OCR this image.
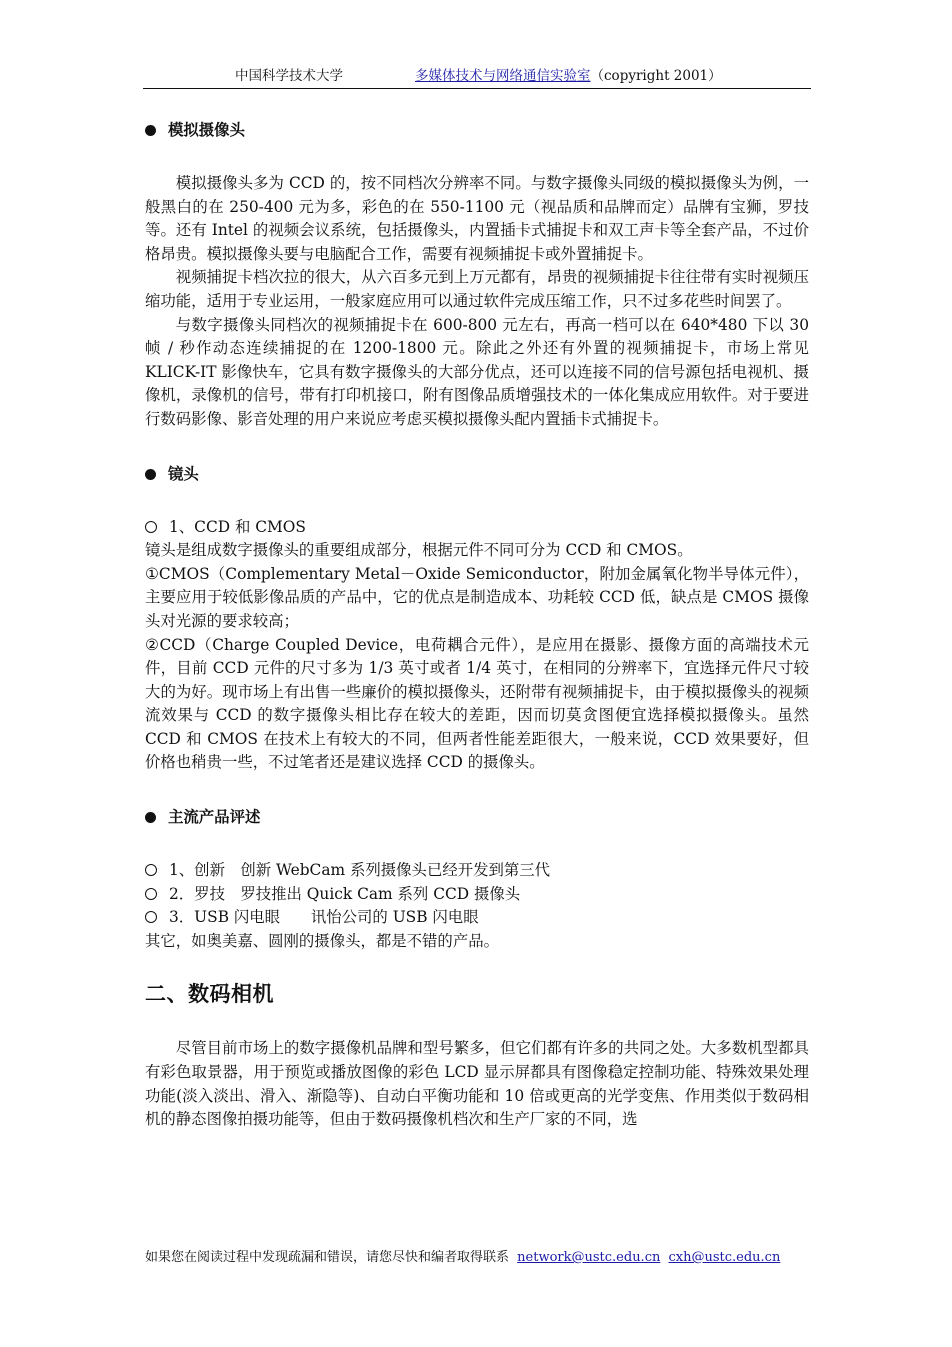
中国科学技术大学	多媒体技术与网络通信实验室（copyright 2001）
模拟摄像头

模拟摄像头多为 CCD 的，按不同档次分辨率不同。与数字摄像头同级的模拟摄像头为例，一般黑白的在 250-400 元为多，彩色的在 550-1100 元（视品质和品牌而定）品牌有宝狮，罗技等。还有 Intel 的视频会议系统，包括摄像头，内置插卡式捕捉卡和双工声卡等全套产品，不过价格昂贵。模拟摄像头要与电脑配合工作，需要有视频捕捉卡或外置捕捉卡。

视频捕捉卡档次拉的很大，从六百多元到上万元都有，昂贵的视频捕捉卡往往带有实时视频压缩功能，适用于专业运用，一般家庭应用可以通过软件完成压缩工作，只不过多花些时间罢了。

与数字摄像头同档次的视频捕捉卡在 600-800 元左右，再高一档可以在 640*480 下以 30 帧 / 秒作动态连续捕捉的在 1200-1800 元。除此之外还有外置的视频捕捉卡，市场上常见 KLICK-IT 影像快车，它具有数字摄像头的大部分优点，还可以连接不同的信号源包括电视机、摄像机，录像机的信号，带有打印机接口，附有图像品质增强技术的一体化集成应用软件。对于要进行数码影像、影音处理的用户来说应考虑买模拟摄像头配内置插卡式捕捉卡。

镜头

1、CCD 和 CMOS

镜头是组成数字摄像头的重要组成部分，根据元件不同可分为 CCD 和 CMOS。

①CMOS（Complementary Metal－Oxide Semiconductor，附加金属氧化物半导体元件），主要应用于较低影像品质的产品中，它的优点是制造成本、功耗较 CCD 低，缺点是 CMOS 摄像头对光源的要求较高；

②CCD（Charge Coupled Device，电荷耦合元件），是应用在摄影、摄像方面的高端技术元件，目前 CCD 元件的尺寸多为 1/3 英寸或者 1/4 英寸，在相同的分辨率下，宜选择元件尺寸较大的为好。现市场上有出售一些廉价的模拟摄像头，还附带有视频捕捉卡，由于模拟摄像头的视频流效果与 CCD 的数字摄像头相比存在较大的差距，因而切莫贪图便宜选择模拟摄像头。虽然 CCD 和 CMOS 在技术上有较大的不同，但两者性能差距很大，一般来说，CCD 效果要好，但价格也稍贵一些，不过笔者还是建议选择 CCD 的摄像头。

主流产品评述

1、创新　创新 WebCam 系列摄像头已经开发到第三代

2．罗技　罗技推出 Quick Cam 系列 CCD 摄像头

3．USB 闪电眼　　讯怡公司的 USB 闪电眼

其它，如奥美嘉、圆刚的摄像头，都是不错的产品。

二、数码相机

尽管目前市场上的数字摄像机品牌和型号繁多，但它们都有许多的共同之处。大多数机型都具有彩色取景器，用于预览或播放图像的彩色 LCD 显示屏都具有图像稳定控制功能、特殊效果处理功能(淡入淡出、滑入、渐隐等)、自动白平衡功能和 10 倍或更高的光学变焦、作用类似于数码相机的静态图像拍摄功能等，但由于数码摄像机档次和生产厂家的不同，选

如果您在阅读过程中发现疏漏和错误，请您尽快和编者取得联系 network@ustc.edu.cn cxh@ustc.edu.cn
